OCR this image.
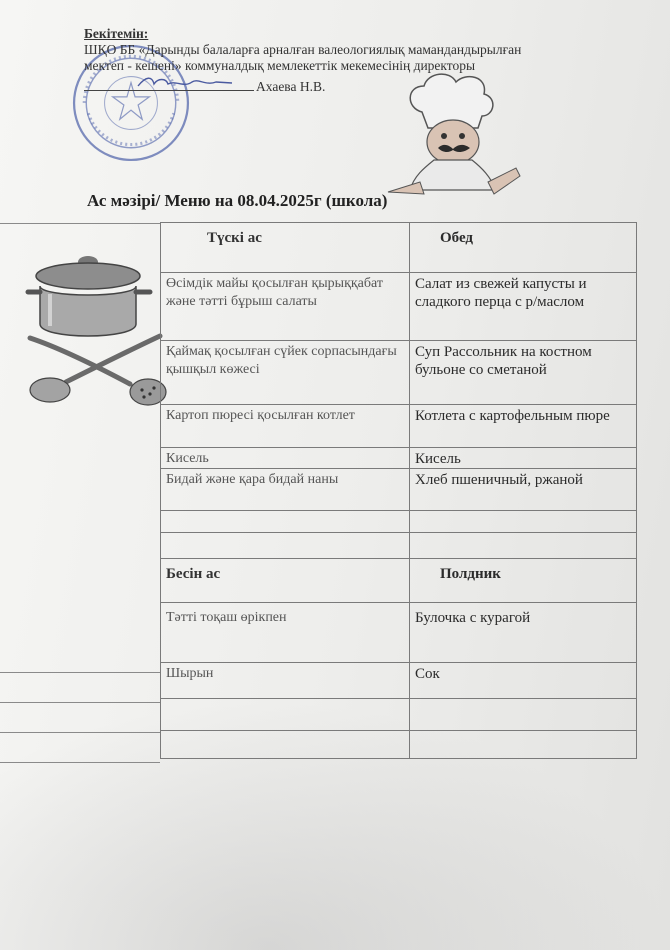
Бекітемін:
ШҚО ББ «Дарынды балаларға арналған валеологиялық мамандандырылған
мектеп - кешені» коммуналдық мемлекеттік мекемесінің директоры
Ахаева Н.В.
Ас мәзірі/ Меню на 08.04.2025г (школа)
Түскі ас	Обед
Өсімдік майы қосылған қырыққабат және тәтті бұрыш салаты	Салат из свежей капусты и сладкого перца с р/маслом
Қаймақ қосылған сүйек сорпасындағы қышқыл көжесі	Суп Рассольник на костном бульоне со сметаной
Картоп пюресі қосылған котлет	Котлета с картофельным пюре
Кисель	Кисель
Бидай және қара бидай наны	Хлеб пшеничный, ржаной

Бесін ас	Полдник
Тәтті тоқаш өрікпен	Булочка с курагой
Шырын	Сок
